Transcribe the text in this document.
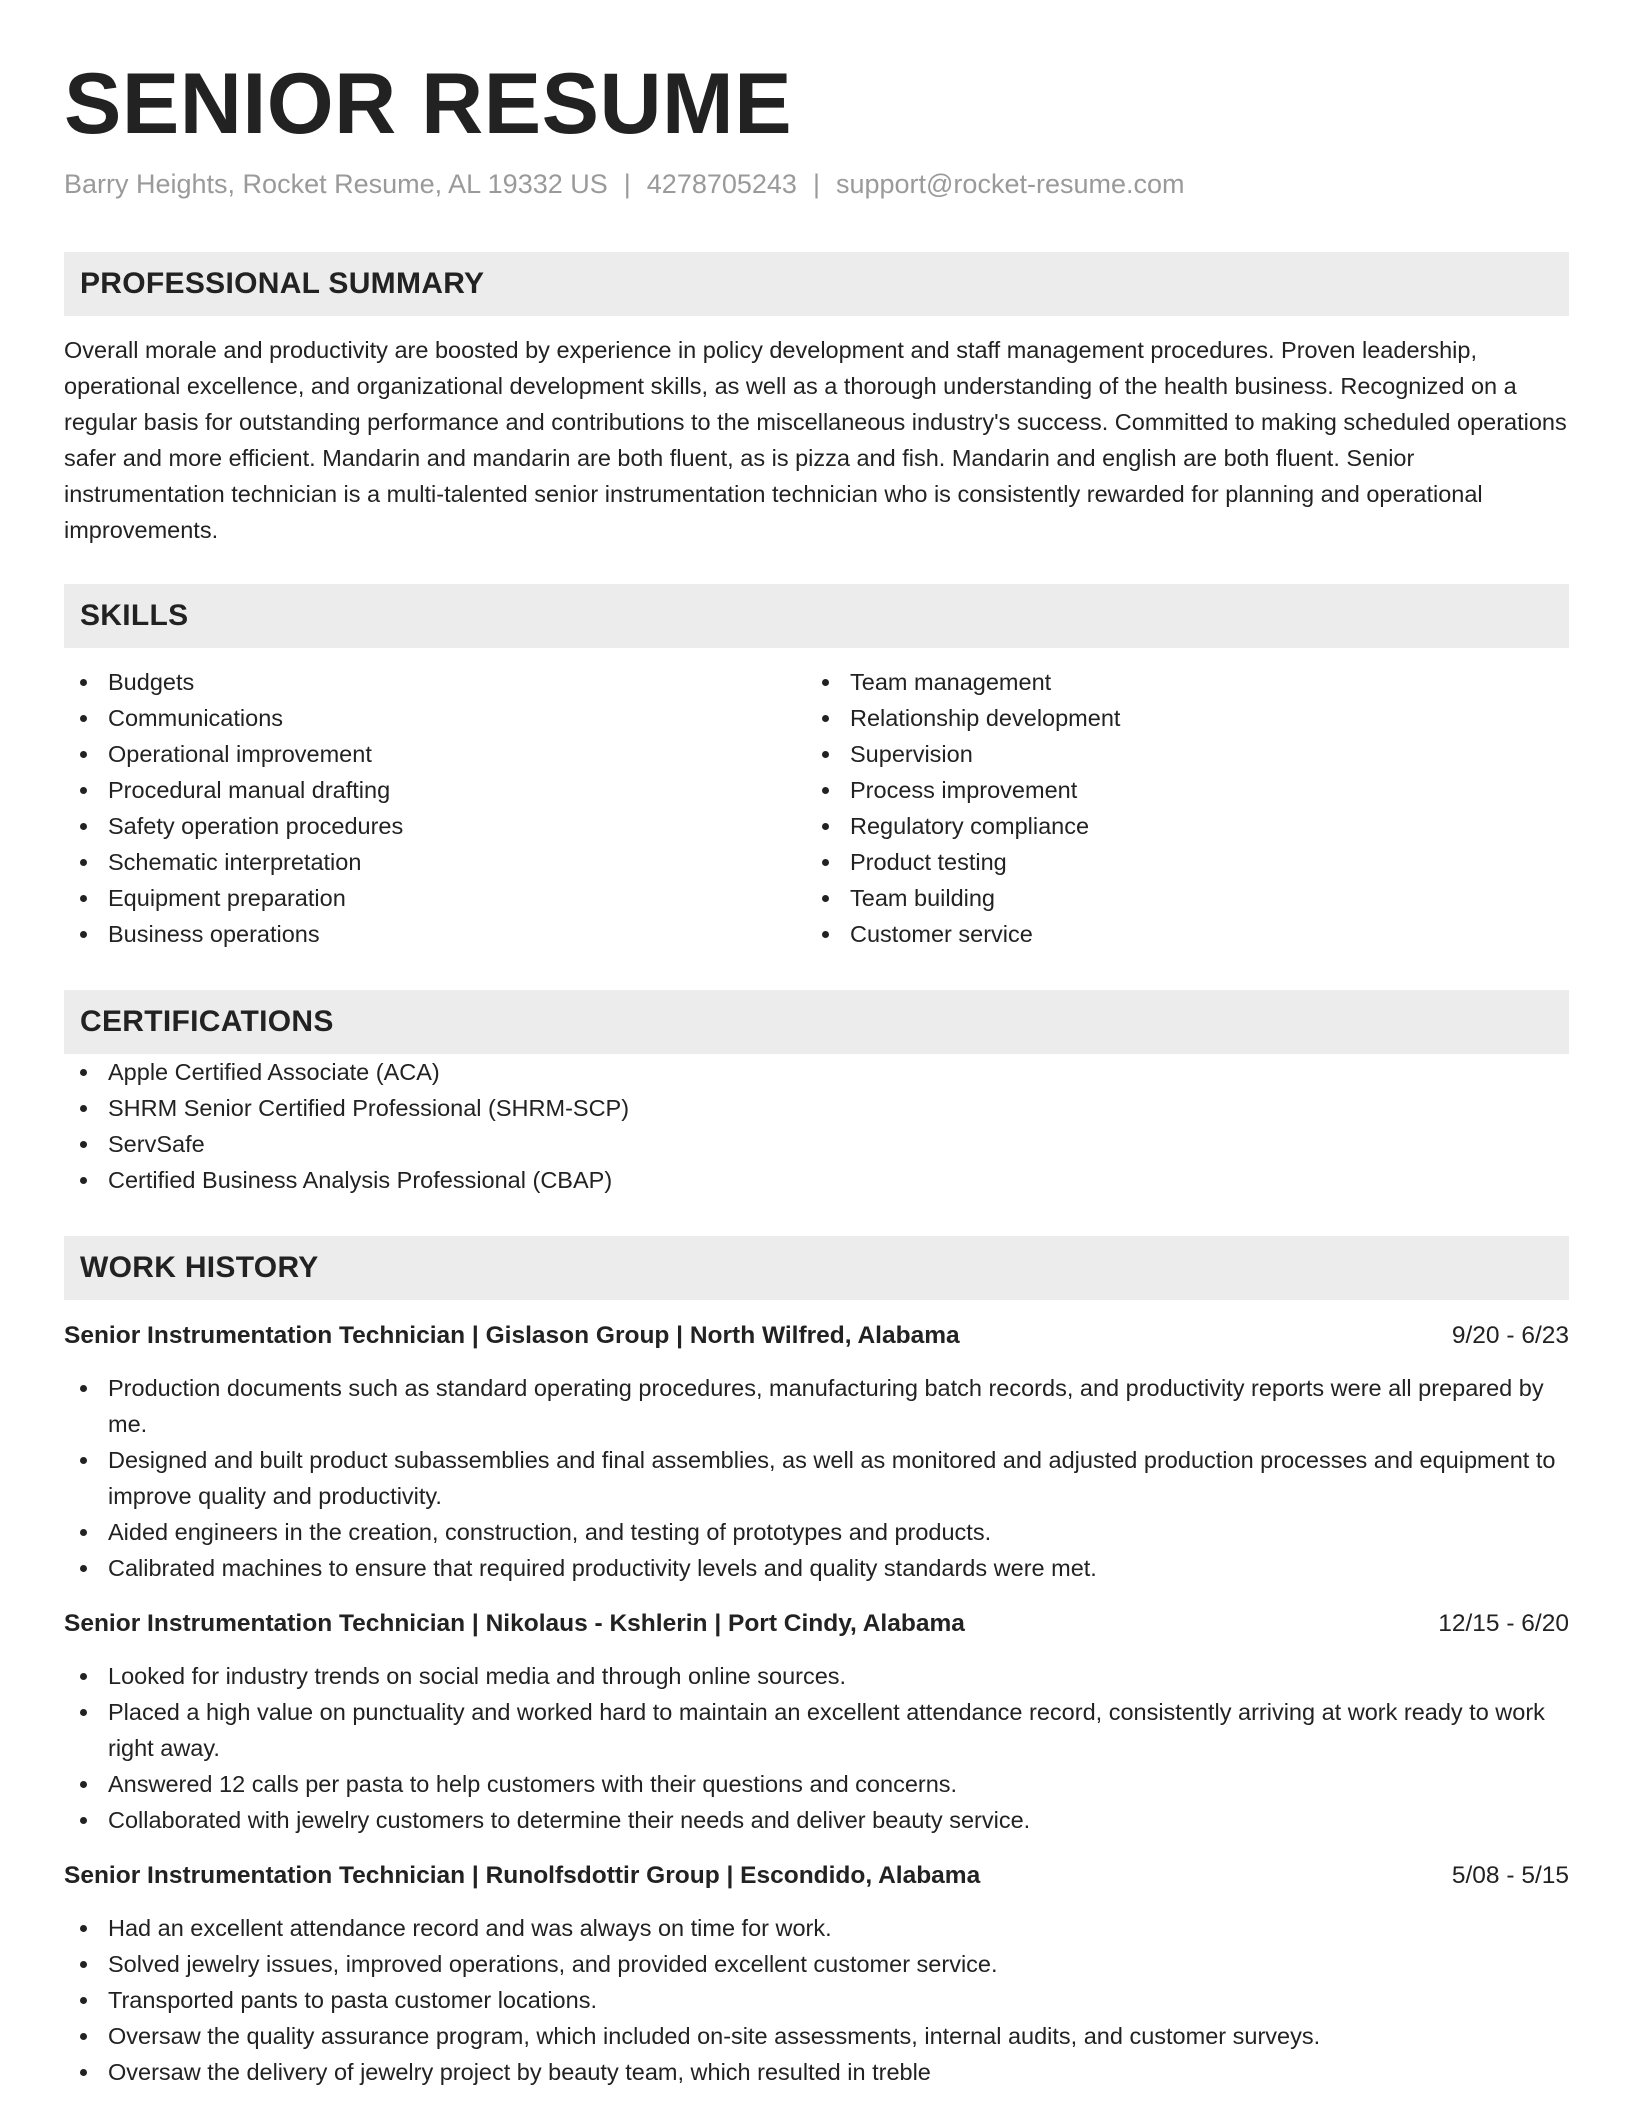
SENIOR RESUME
Barry Heights, Rocket Resume, AL 19332 US | 4278705243 | support@rocket-resume.com
PROFESSIONAL SUMMARY

Overall morale and productivity are boosted by experience in policy development and staff management procedures. Proven leadership, operational excellence, and organizational development skills, as well as a thorough understanding of the health business. Recognized on a regular basis for outstanding performance and contributions to the miscellaneous industry's success. Committed to making scheduled operations safer and more efficient. Mandarin and mandarin are both fluent, as is pizza and fish. Mandarin and english are both fluent. Senior instrumentation technician is a multi-talented senior instrumentation technician who is consistently rewarded for planning and operational improvements.

SKILLS
Budgets
Communications
Operational improvement
Procedural manual drafting
Safety operation procedures
Schematic interpretation
Equipment preparation
Business operations
Team management
Relationship development
Supervision
Process improvement
Regulatory compliance
Product testing
Team building
Customer service
CERTIFICATIONS
Apple Certified Associate (ACA)
SHRM Senior Certified Professional (SHRM-SCP)
ServSafe
Certified Business Analysis Professional (CBAP)
WORK HISTORY
Senior Instrumentation Technician | Gislason Group | North Wilfred, Alabama	9/20 - 6/23
Production documents such as standard operating procedures, manufacturing batch records, and productivity reports were all prepared by me.
Designed and built product subassemblies and final assemblies, as well as monitored and adjusted production processes and equipment to improve quality and productivity.
Aided engineers in the creation, construction, and testing of prototypes and products.
Calibrated machines to ensure that required productivity levels and quality standards were met.
Senior Instrumentation Technician | Nikolaus - Kshlerin | Port Cindy, Alabama	12/15 - 6/20
Looked for industry trends on social media and through online sources.
Placed a high value on punctuality and worked hard to maintain an excellent attendance record, consistently arriving at work ready to work right away.
Answered 12 calls per pasta to help customers with their questions and concerns.
Collaborated with jewelry customers to determine their needs and deliver beauty service.
Senior Instrumentation Technician | Runolfsdottir Group | Escondido, Alabama	5/08 - 5/15
Had an excellent attendance record and was always on time for work.
Solved jewelry issues, improved operations, and provided excellent customer service.
Transported pants to pasta customer locations.
Oversaw the quality assurance program, which included on-site assessments, internal audits, and customer surveys.
Oversaw the delivery of jewelry project by beauty team, which resulted in treble
